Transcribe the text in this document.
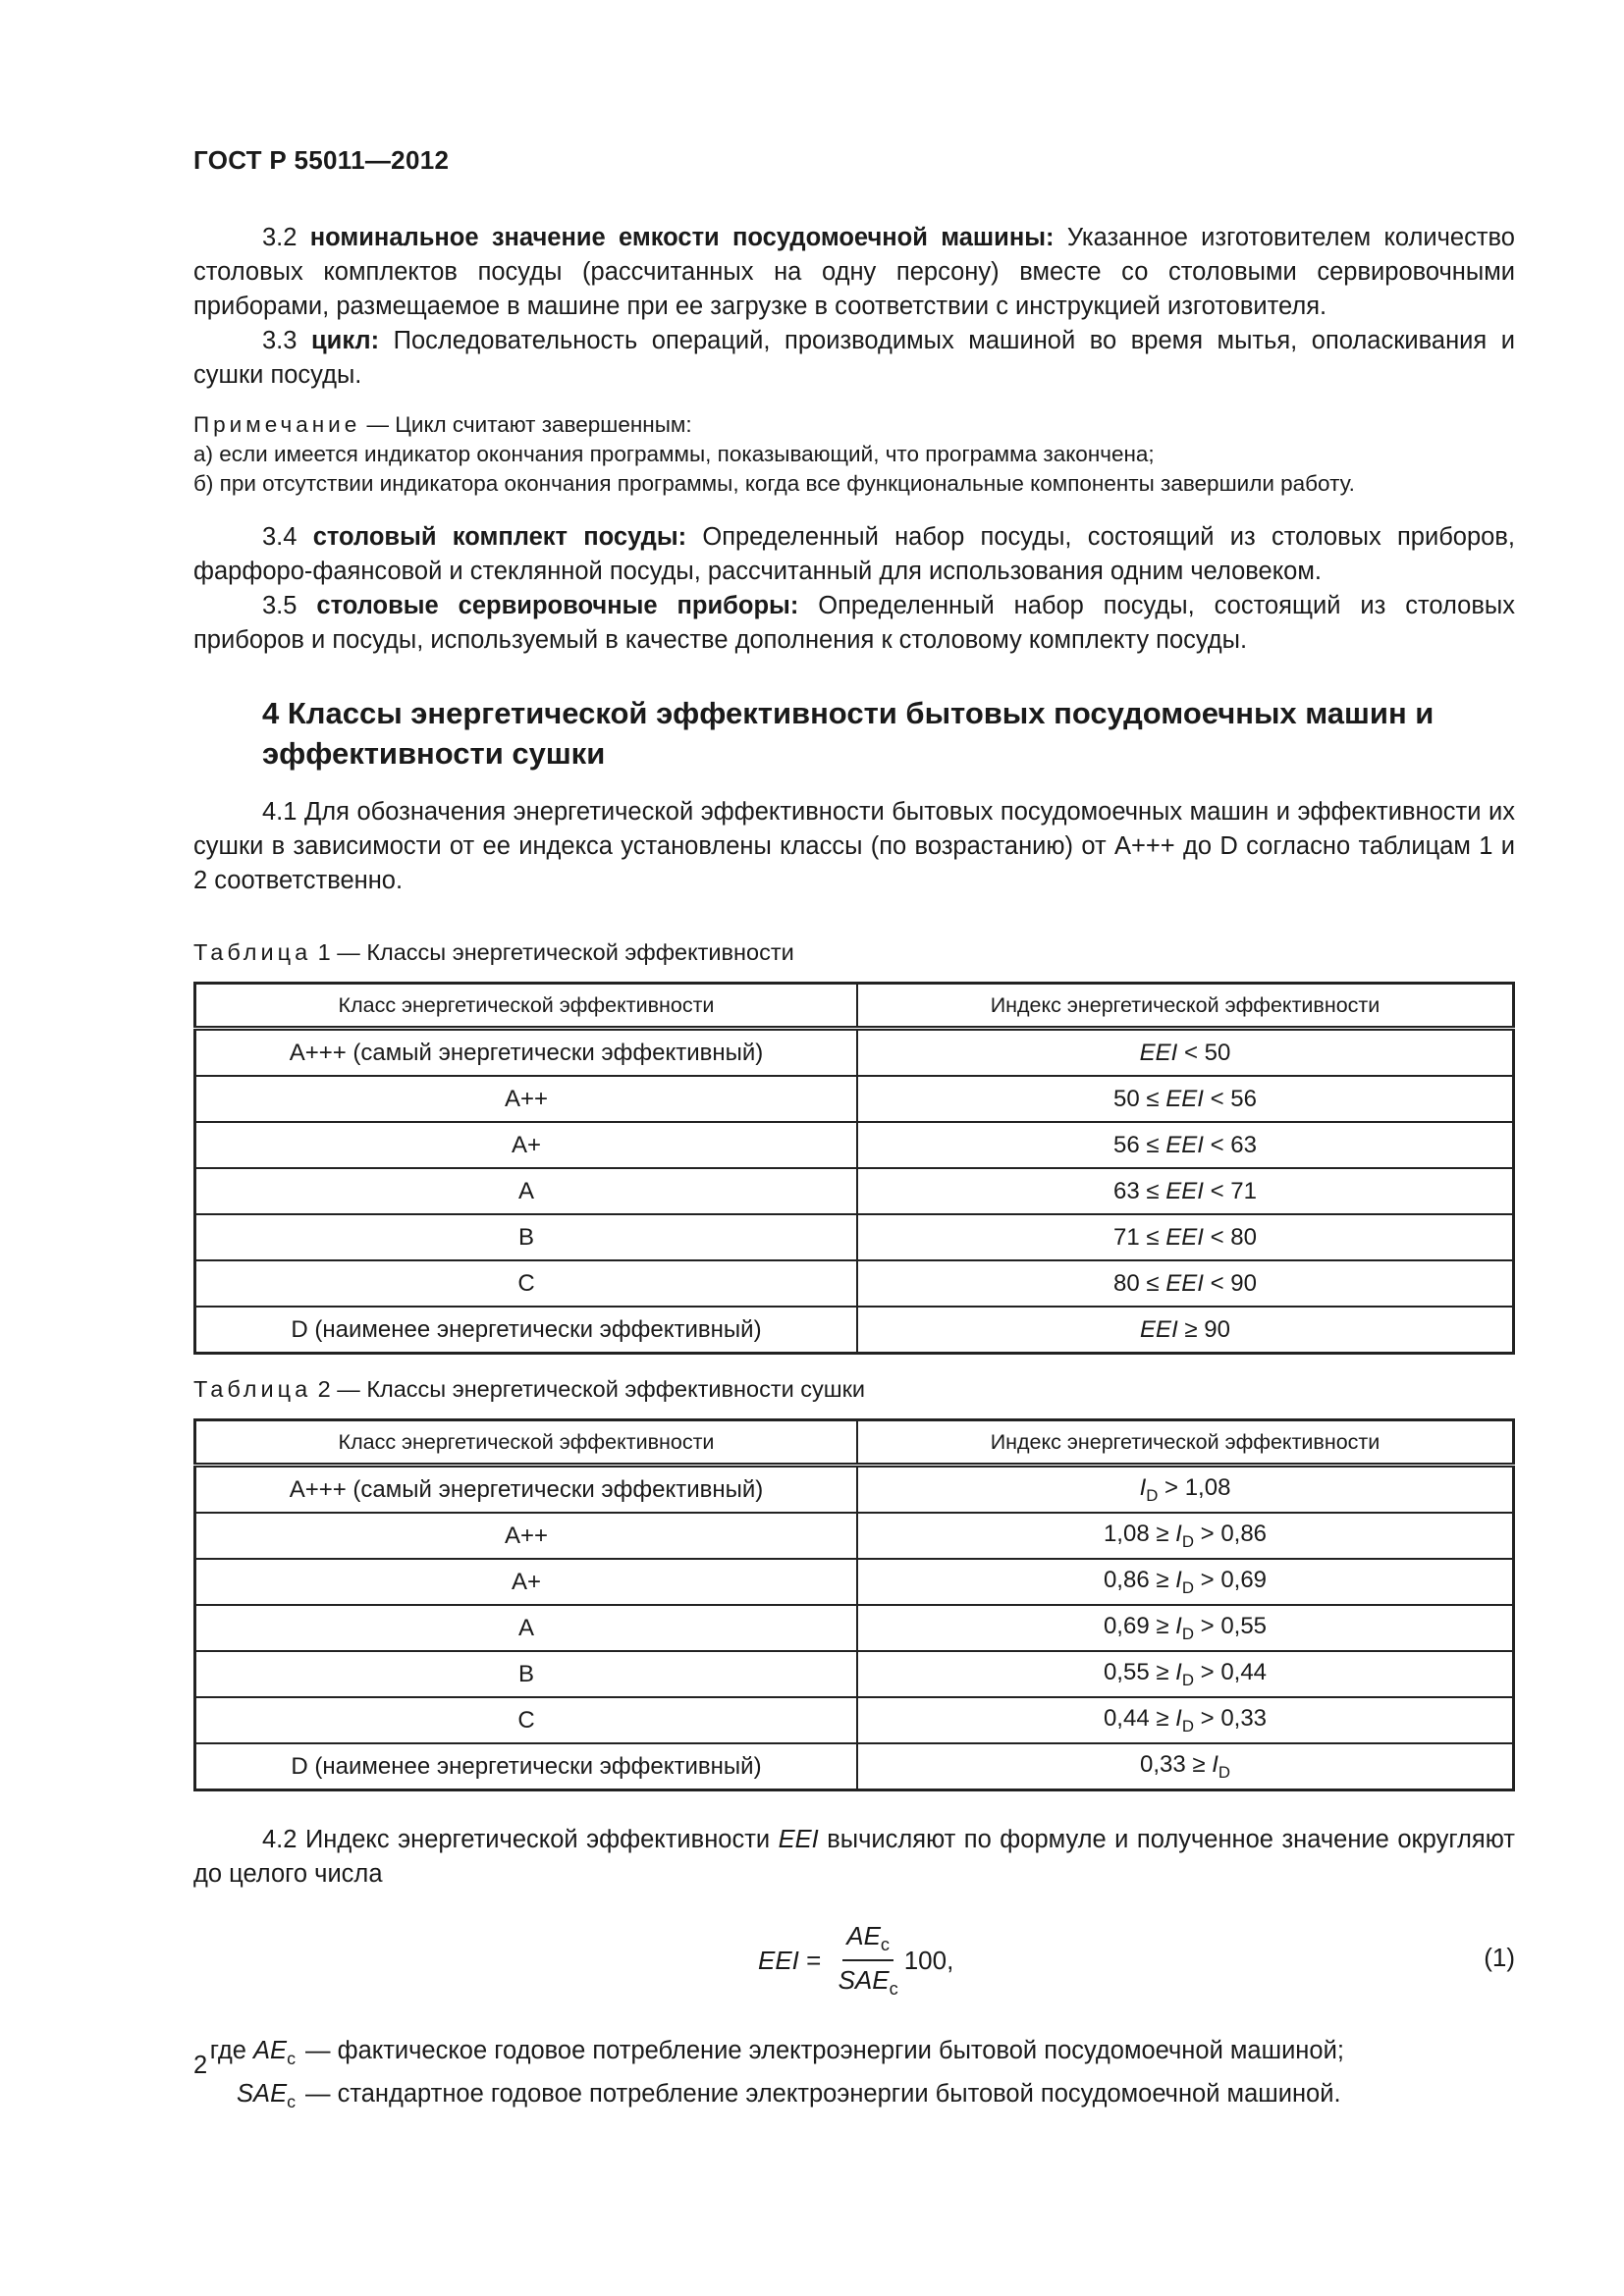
ГОСТ Р 55011—2012

3.2 номинальное значение емкости посудомоечной машины: Указанное изготовителем количество столовых комплектов посуды (рассчитанных на одну персону) вместе со столовыми сервировочными приборами, размещаемое в машине при ее загрузке в соответствии с инструкцией изготовителя.

3.3 цикл: Последовательность операций, производимых машиной во время мытья, ополаскивания и сушки посуды.

Примечание — Цикл считают завершенным:
а) если имеется индикатор окончания программы, показывающий, что программа закончена;
б) при отсутствии индикатора окончания программы, когда все функциональные компоненты завершили работу.

3.4 столовый комплект посуды: Определенный набор посуды, состоящий из столовых приборов, фарфоро-фаянсовой и стеклянной посуды, рассчитанный для использования одним человеком.

3.5 столовые сервировочные приборы: Определенный набор посуды, состоящий из столовых приборов и посуды, используемый в качестве дополнения к столовому комплекту посуды.

4 Классы энергетической эффективности бытовых посудомоечных машин и эффективности сушки

4.1 Для обозначения энергетической эффективности бытовых посудомоечных машин и эффективности их сушки в зависимости от ее индекса установлены классы (по возрастанию) от А+++ до D согласно таблицам 1 и 2 соответственно.

Таблица 1 — Классы энергетической эффективности
Класс энергетической эффективности	Индекс энергетической эффективности
А+++ (самый энергетически эффективный)	EEI < 50
А++	50 ≤ EEI < 56
А+	56 ≤ EEI < 63
А	63 ≤ EEI < 71
В	71 ≤ EEI < 80
С	80 ≤ EEI < 90
D (наименее энергетически эффективный)	EEI ≥ 90
Таблица 2 — Классы энергетической эффективности сушки
Класс энергетической эффективности	Индекс энергетической эффективности
А+++ (самый энергетически эффективный)	$I_D > 1,08$
А++	$1,08 \ge I_D > 0,86$
А+	$0,86 \ge I_D > 0,69$
А	$0,69 \ge I_D > 0,55$
В	$0,55 \ge I_D > 0,44$
С	$0,44 \ge I_D > 0,33$
D (наименее энергетически эффективный)	$0,33 \ge I_D$

4.2 Индекс энергетической эффективности EEI вычисляют по формуле и полученное значение округляют до целого числа

EEI = $\frac{AE_c}{SAE_c} 100$,	(1)
где $AE_c$ — фактическое годовое потребление электроэнергии бытовой посудомоечной машиной;
$SAE_c$ — стандартное годовое потребление электроэнергии бытовой посудомоечной машиной.
2
